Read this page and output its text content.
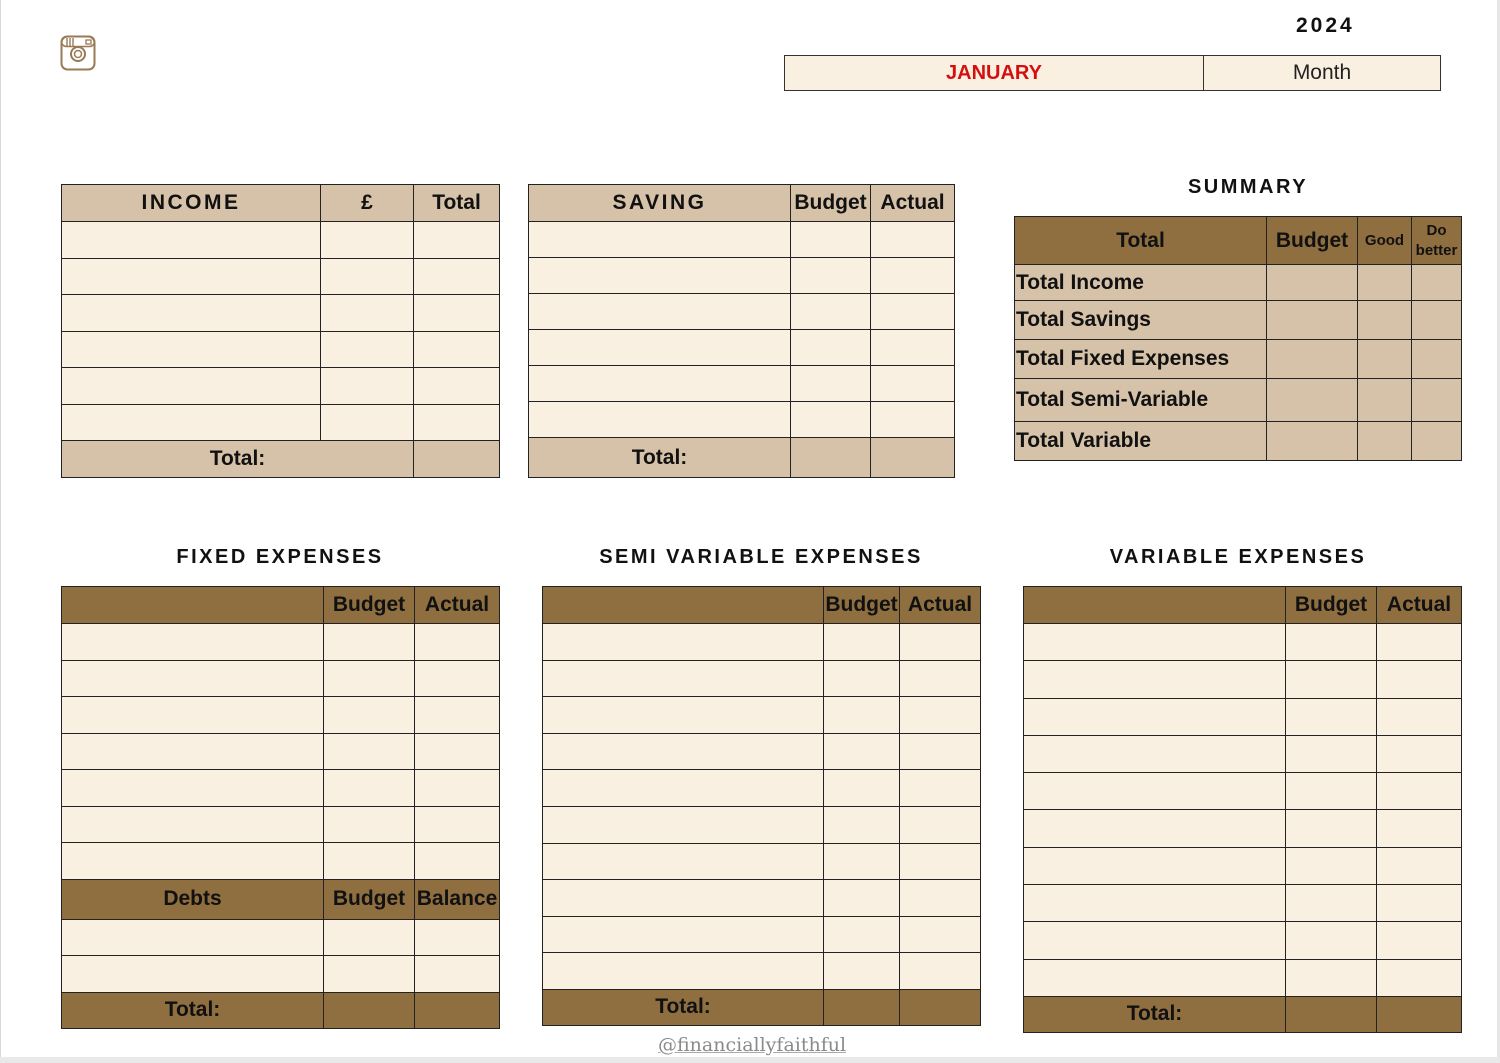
2024
JANUARY	Month
INCOME	£	Total

Total:		
SAVING	Budget	Actual

Total:		
SUMMARY
Total	Budget	Good	Do better
Total Income			
Total Savings			
Total Fixed Expenses			
Total Semi-Variable			
Total Variable			
FIXED EXPENSES
	Budget	Actual

Debts	Budget	Balance

Total:		
SEMI VARIABLE EXPENSES
	Budget	Actual

Total:		
VARIABLE EXPENSES
	Budget	Actual

Total:		
@financiallyfaithful
